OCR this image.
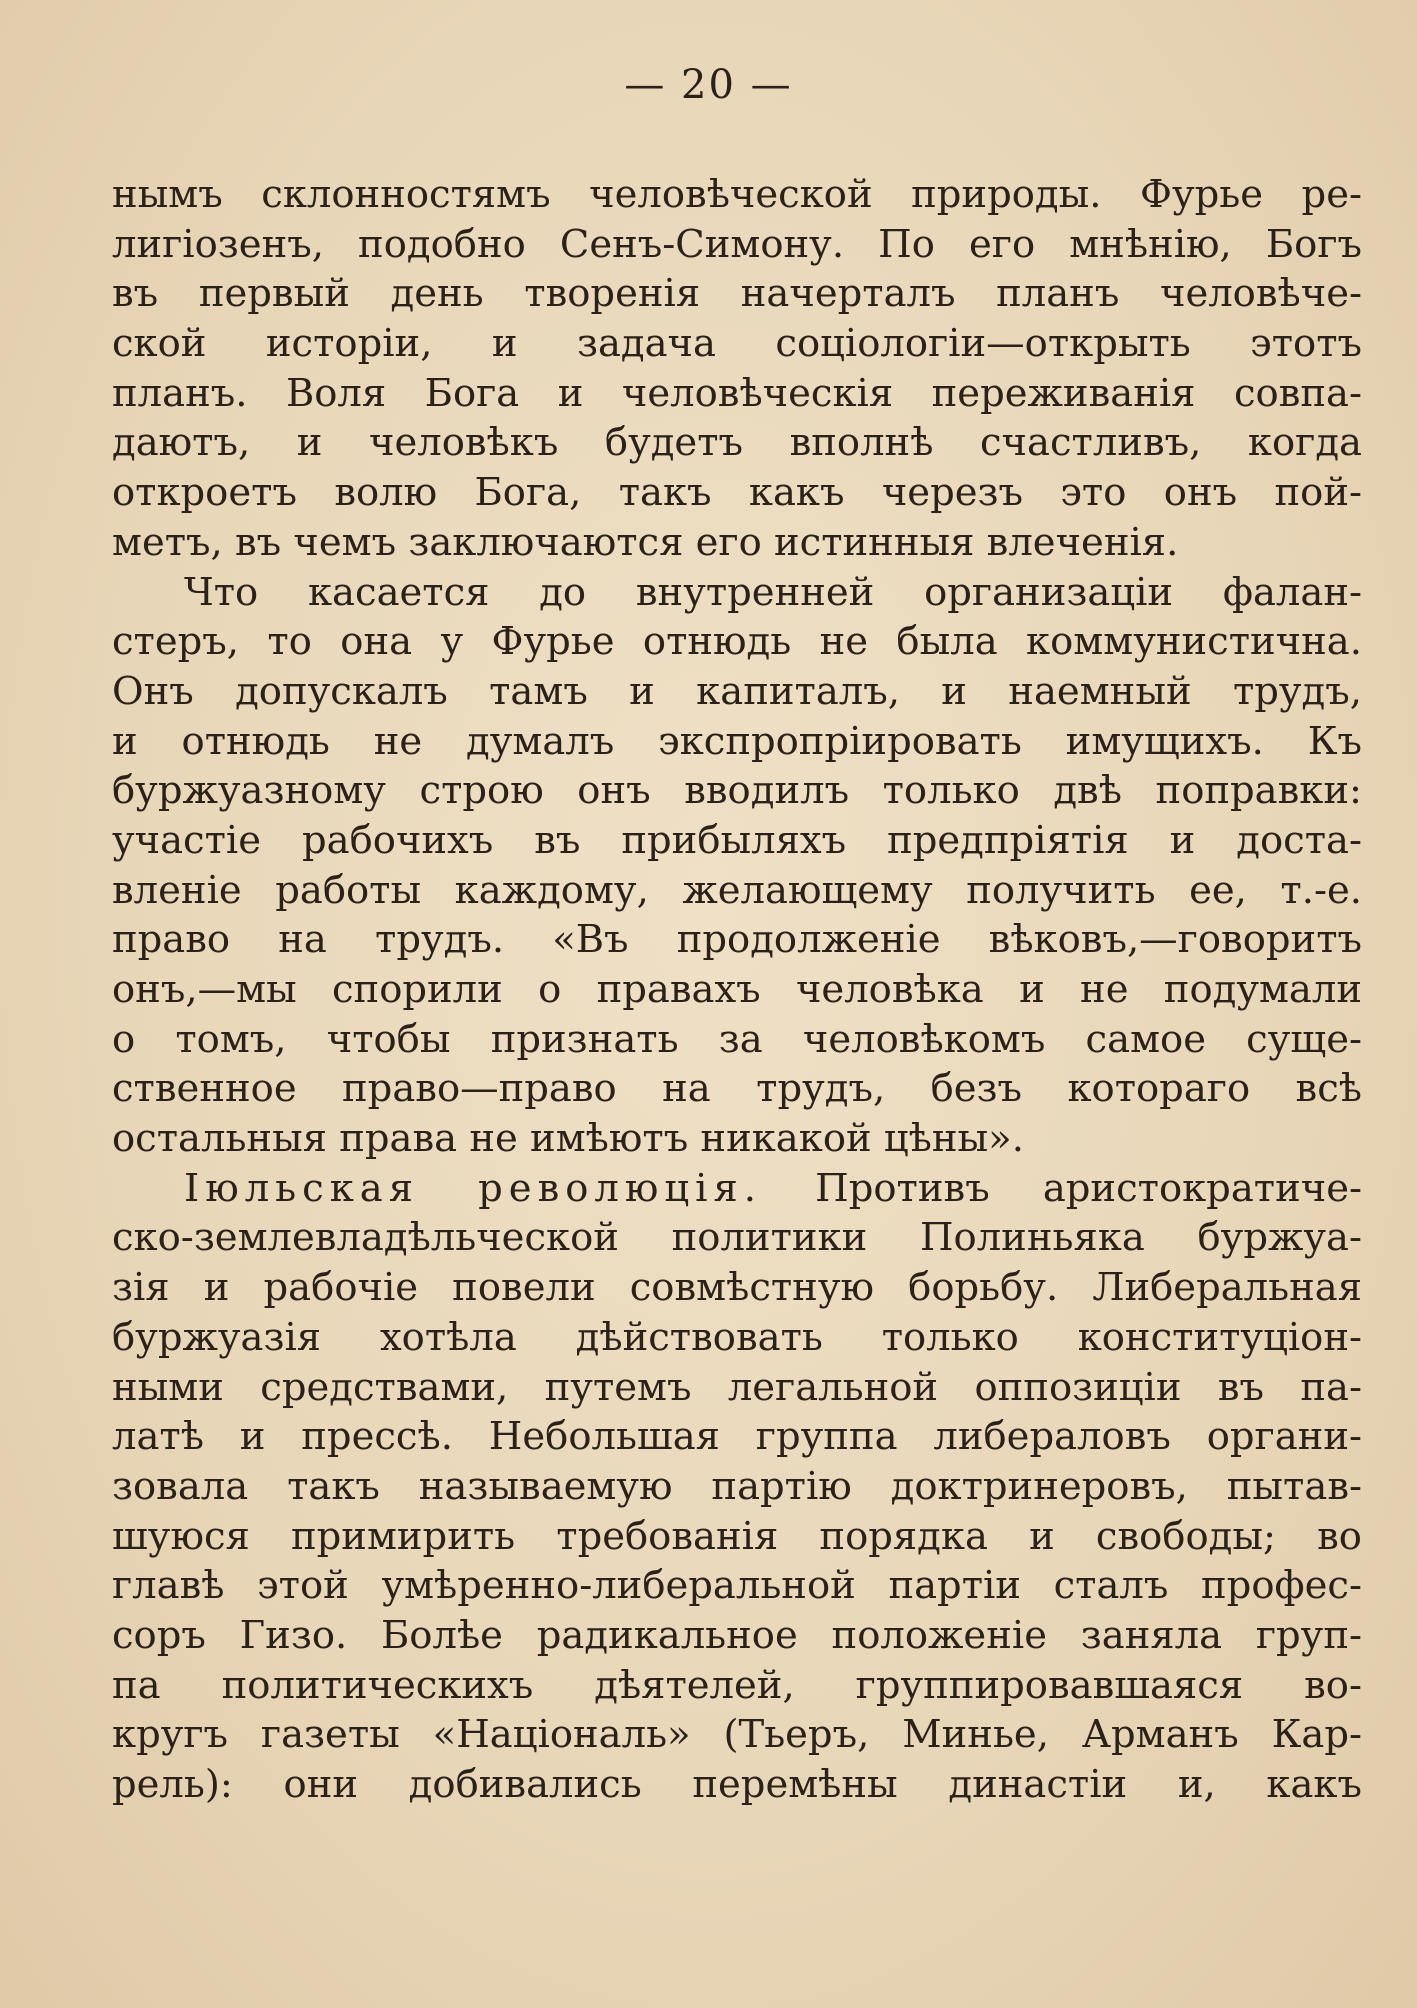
— 20 —
нымъ склонностямъ человѣческой природы. Фурье ре-
лигіозенъ, подобно Сенъ-Симону. По его мнѣнію, Богъ
въ первый день творенія начерталъ планъ человѣче-
ской исторіи, и задача соціологіи—открыть этотъ
планъ. Воля Бога и человѣческія переживанія совпа-
даютъ, и человѣкъ будетъ вполнѣ счастливъ, когда
откроетъ волю Бога, такъ какъ черезъ это онъ пой-
метъ, въ чемъ заключаются его истинныя влеченія.
Что касается до внутренней организаціи фалан-
стеръ, то она у Фурье отнюдь не была коммунистична.
Онъ допускалъ тамъ и капиталъ, и наемный трудъ,
и отнюдь не думалъ экспропріировать имущихъ. Къ
буржуазному строю онъ вводилъ только двѣ поправки:
участіе рабочихъ въ прибыляхъ предпріятія и доста-
вленіе работы каждому, желающему получить ее, т.-е.
право на трудъ. «Въ продолженіе вѣковъ,—говоритъ
онъ,—мы спорили о правахъ человѣка и не подумали
о томъ, чтобы признать за человѣкомъ самое суще-
ственное право—право на трудъ, безъ котораго всѣ
остальныя права не имѣютъ никакой цѣны».
Іюльская революція. Противъ аристократиче-
ско-землевладѣльческой политики Полиньяка буржуа-
зія и рабочіе повели совмѣстную борьбу. Либеральная
буржуазія хотѣла дѣйствовать только конституціон-
ными средствами, путемъ легальной оппозиціи въ па-
латѣ и прессѣ. Небольшая группа либераловъ органи-
зовала такъ называемую партію доктринеровъ, пытав-
шуюся примирить требованія порядка и свободы; во
главѣ этой умѣренно-либеральной партіи сталъ профес-
соръ Гизо. Болѣе радикальное положеніе заняла груп-
па политическихъ дѣятелей, группировавшаяся во-
кругъ газеты «Національ» (Тьеръ, Минье, Арманъ Кар-
рель): они добивались перемѣны династіи и, какъ
